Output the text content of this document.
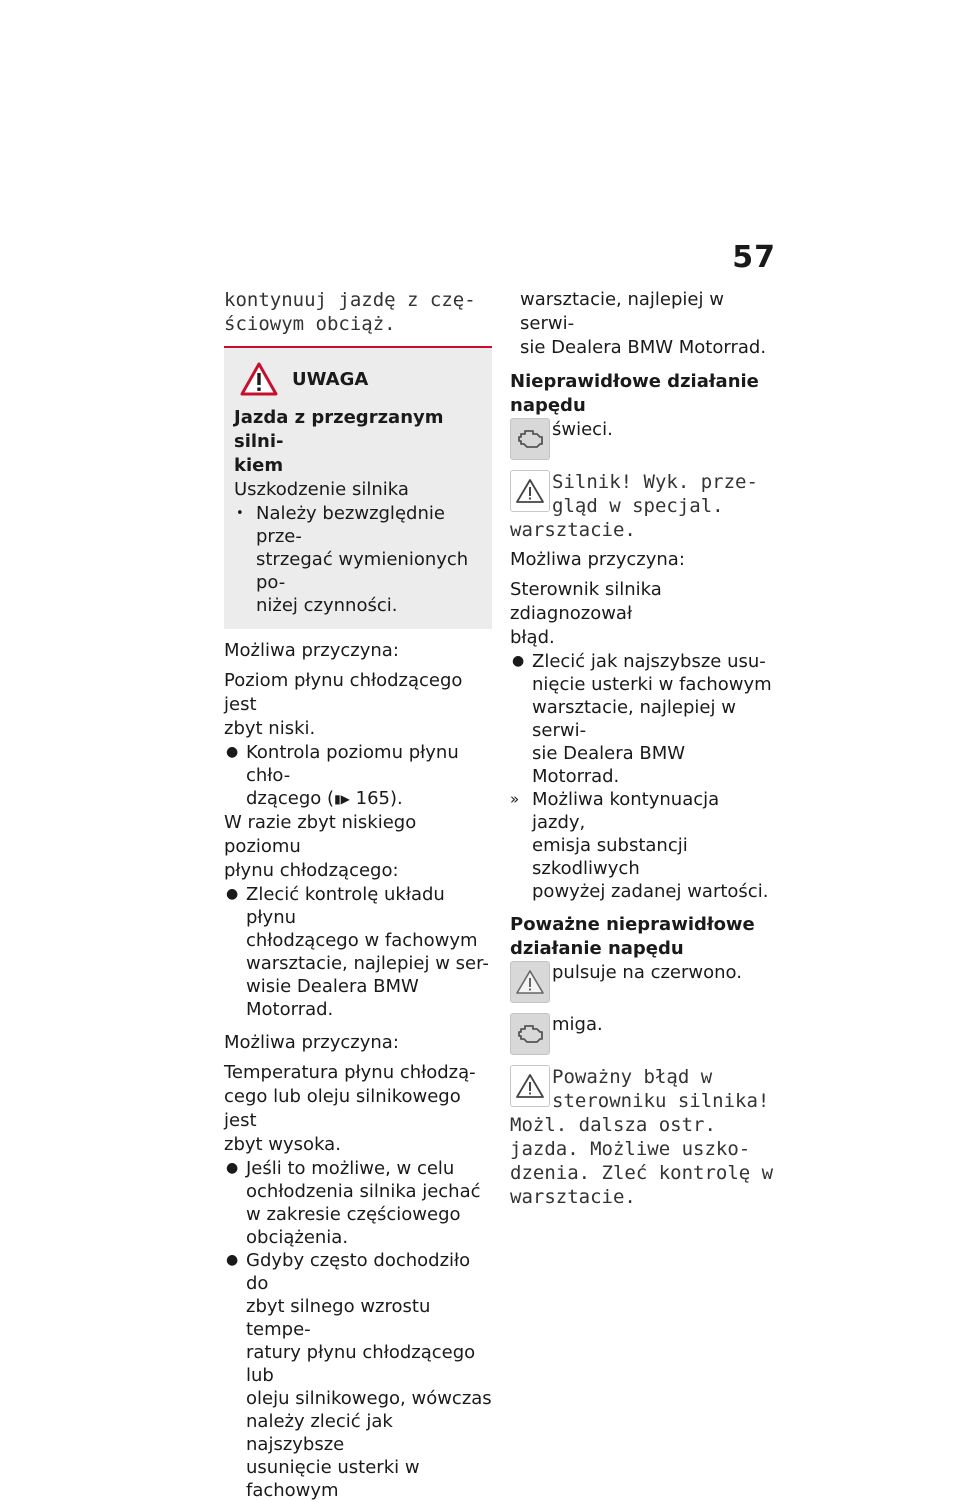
57
kontynuuj jazdę z czę-
ściowym obciąż.
UWAGA

Jazda z przegrzanym silni-
kiem

Uszkodzenie silnika

• Należy bezwzględnie prze-
strzegać wymienionych po-
niżej czynności.

Możliwa przyczyna:

Poziom płynu chłodzącego jest
zbyt niski.

● Kontrola poziomu płynu chło-
dzącego (▮▶ 165).

W razie zbyt niskiego poziomu
płynu chłodzącego:

● Zlecić kontrolę układu płynu
chłodzącego w fachowym
warsztacie, najlepiej w ser-
wisie Dealera BMW Motorrad.

Możliwa przyczyna:

Temperatura płynu chłodzą-
cego lub oleju silnikowego jest
zbyt wysoka.

● Jeśli to możliwe, w celu
ochłodzenia silnika jechać
w zakresie częściowego
obciążenia.
● Gdyby często dochodziło do
zbyt silnego wzrostu tempe-
ratury płynu chłodzącego lub
oleju silnikowego, wówczas
należy zlecić jak najszybsze
usunięcie usterki w fachowym

warsztacie, najlepiej w serwi-
sie Dealera BMW Motorrad.

Nieprawidłowe działanie
napędu

świeci.

Silnik! Wyk. prze-
gląd w specjal.
warsztacie.

Możliwa przyczyna:

Sterownik silnika zdiagnozował
błąd.

● Zlecić jak najszybsze usu-
nięcie usterki w fachowym
warsztacie, najlepiej w serwi-
sie Dealera BMW Motorrad.
» Możliwa kontynuacja jazdy,
emisja substancji szkodliwych
powyżej zadanej wartości.

Poważne nieprawidłowe
działanie napędu

pulsuje na czerwono.

miga.

Poważny błąd w
sterowniku silnika!
Możl. dalsza ostr.
jazda. Możliwe uszko-
dzenia. Zleć kontrolę w
warsztacie.
